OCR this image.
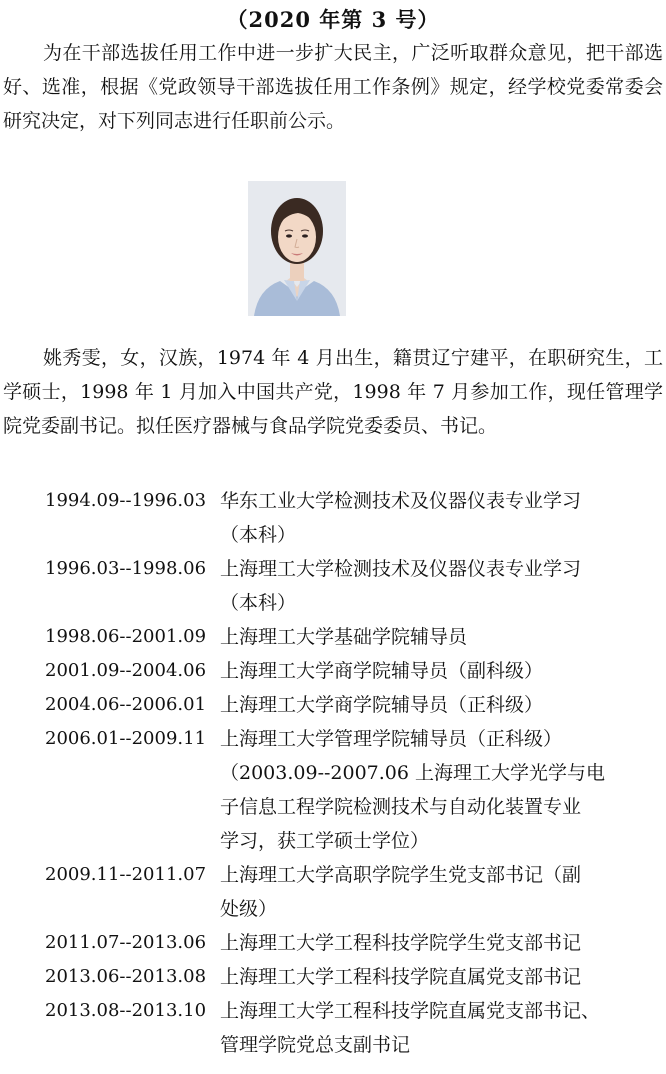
（2020 年第 3 号）

为在干部选拔任用工作中进一步扩大民主，广泛听取群众意见，把干部选好、选准，根据《党政领导干部选拔任用工作条例》规定，经学校党委常委会研究决定，对下列同志进行任职前公示。

姚秀雯，女，汉族，1974 年 4 月出生，籍贯辽宁建平，在职研究生，工学硕士，1998 年 1 月加入中国共产党，1998 年 7 月参加工作，现任管理学院党委副书记。拟任医疗器械与食品学院党委委员、书记。

1994.09--1996.03 华东工业大学检测技术及仪器仪表专业学习
（本科）
1996.03--1998.06 上海理工大学检测技术及仪器仪表专业学习
（本科）
1998.06--2001.09 上海理工大学基础学院辅导员
2001.09--2004.06 上海理工大学商学院辅导员（副科级）
2004.06--2006.01 上海理工大学商学院辅导员（正科级）
2006.01--2009.11 上海理工大学管理学院辅导员（正科级）
（2003.09--2007.06 上海理工大学光学与电
子信息工程学院检测技术与自动化装置专业
学习，获工学硕士学位）
2009.11--2011.07 上海理工大学高职学院学生党支部书记（副
处级）
2011.07--2013.06 上海理工大学工程科技学院学生党支部书记
2013.06--2013.08 上海理工大学工程科技学院直属党支部书记
2013.08--2013.10 上海理工大学工程科技学院直属党支部书记、
管理学院党总支副书记
